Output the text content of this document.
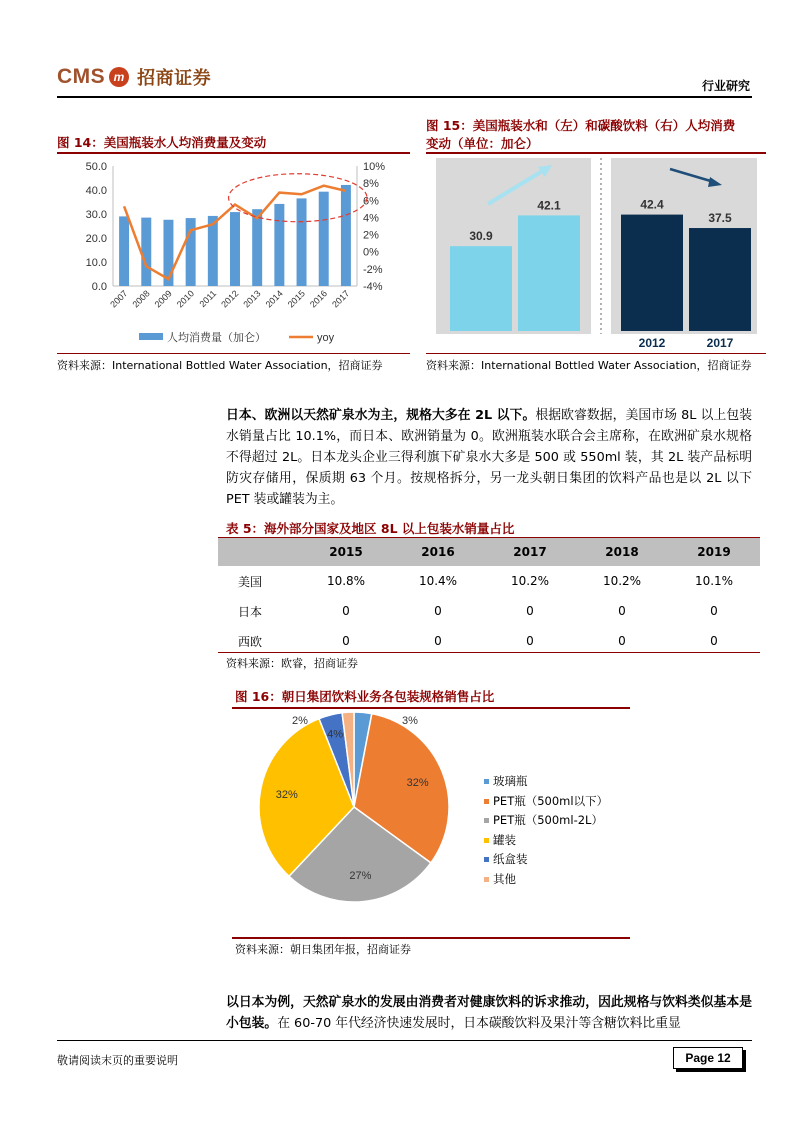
CMS m 招商证券	行业研究
图 14：美国瓶装水人均消费量及变动
0.0
10.0
20.0
30.0
40.0
50.0
-4%
-2%
0%
2%
4%
6%
8%
10%
2007 2008 2009 2010 2011 2012 2013 2014 2015 2016 2017
人均消费量（加仑）	yoy
资料来源：International Bottled Water Association，招商证券
图 15：美国瓶装水和（左）和碳酸饮料（右）人均消费
变动（单位：加仑）
30.9
2012
42.1
2017
42.4
2012
37.5
2017
资料来源：International Bottled Water Association，招商证券
日本、欧洲以天然矿泉水为主，规格大多在 2L 以下。根据欧睿数据，美国市场 8L 以上包装水销量占比 10.1%，而日本、欧洲销量为 0。欧洲瓶装水联合会主席称，在欧洲矿泉水规格不得超过 2L。日本龙头企业三得利旗下矿泉水大多是 500 或 550ml 装，其 2L 装产品标明防灾存储用，保质期 63 个月。按规格拆分，另一龙头朝日集团的饮料产品也是以 2L 以下 PET 装或罐装为主。
表 5：海外部分国家及地区 8L 以上包装水销量占比
	2015	2016	2017	2018	2019
美国	10.8%	10.4%	10.2%	10.2%	10.1%
日本	0	0	0	0	0
西欧	0	0	0	0	0
资料来源：欧睿，招商证券
图 16：朝日集团饮料业务各包装规格销售占比
3%
32%
27%
32%
4%
2%
玻璃瓶
PET瓶（500ml以下）
PET瓶（500ml-2L）
罐装
纸盒装
其他
资料来源：朝日集团年报，招商证券
以日本为例，天然矿泉水的发展由消费者对健康饮料的诉求推动，因此规格与饮料类似基本是小包装。在 60-70 年代经济快速发展时，日本碳酸饮料及果汁等含糖饮料比重显
敬请阅读末页的重要说明	Page 12
